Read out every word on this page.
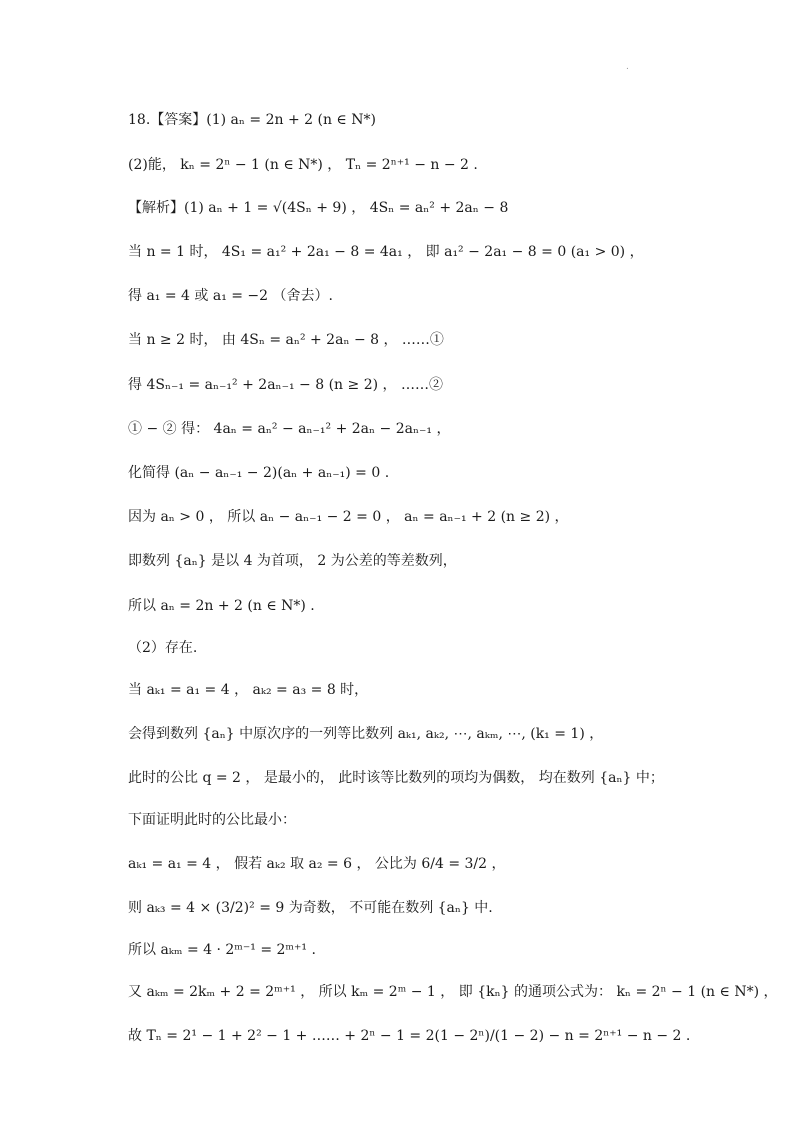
.
18.【答案】(1) aₙ = 2n + 2 (n ∈ N*)
(2)能， kₙ = 2ⁿ − 1 (n ∈ N*) ， Tₙ = 2ⁿ⁺¹ − n − 2 .
【解析】(1) aₙ + 1 = √(4Sₙ + 9) ， 4Sₙ = aₙ² + 2aₙ − 8
当 n = 1 时， 4S₁ = a₁² + 2a₁ − 8 = 4a₁ ， 即 a₁² − 2a₁ − 8 = 0 (a₁ > 0) ，
得 a₁ = 4 或 a₁ = −2 （舍去）.
当 n ≥ 2 时， 由 4Sₙ = aₙ² + 2aₙ − 8 ， ……①
得 4Sₙ₋₁ = aₙ₋₁² + 2aₙ₋₁ − 8 (n ≥ 2) ， ……②
① − ② 得： 4aₙ = aₙ² − aₙ₋₁² + 2aₙ − 2aₙ₋₁ ，
化简得 (aₙ − aₙ₋₁ − 2)(aₙ + aₙ₋₁) = 0 .
因为 aₙ > 0 ， 所以 aₙ − aₙ₋₁ − 2 = 0 ， aₙ = aₙ₋₁ + 2 (n ≥ 2) ，
即数列 {aₙ} 是以 4 为首项， 2 为公差的等差数列，
所以 aₙ = 2n + 2 (n ∈ N*) .
（2）存在.
当 aₖ₁ = a₁ = 4 ， aₖ₂ = a₃ = 8 时，
会得到数列 {aₙ} 中原次序的一列等比数列 aₖ₁, aₖ₂, ⋯, aₖₘ, ⋯, (k₁ = 1) ，
此时的公比 q = 2 ， 是最小的， 此时该等比数列的项均为偶数， 均在数列 {aₙ} 中；
下面证明此时的公比最小：
aₖ₁ = a₁ = 4 ， 假若 aₖ₂ 取 a₂ = 6 ， 公比为 6/4 = 3/2 ，
则 aₖ₃ = 4 × (3/2)² = 9 为奇数， 不可能在数列 {aₙ} 中.
所以 aₖₘ = 4 · 2ᵐ⁻¹ = 2ᵐ⁺¹ .
又 aₖₘ = 2kₘ + 2 = 2ᵐ⁺¹ ， 所以 kₘ = 2ᵐ − 1 ， 即 {kₙ} 的通项公式为： kₙ = 2ⁿ − 1 (n ∈ N*) ，
故 Tₙ = 2¹ − 1 + 2² − 1 + …… + 2ⁿ − 1 = 2(1 − 2ⁿ)/(1 − 2) − n = 2ⁿ⁺¹ − n − 2 .
